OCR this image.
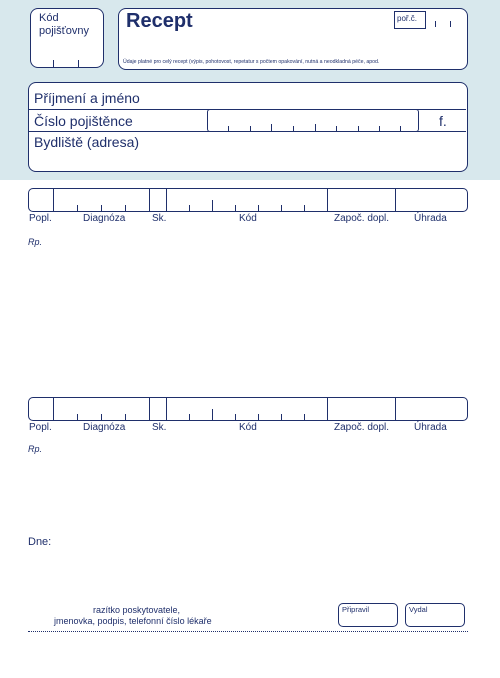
Kód
pojišťovny Recept	poř.č.
Údaje platné pro celý recept (výpis, pohotovost, repetatur s počtem opakování, nutná a neodkladná péče, apod.
Příjmení a jméno
Číslo pojištěnce	f.
Bydliště (adresa)
Popl.	Diagnóza	Sk.	Kód	Započ. dopl. Úhrada
Rp.
Popl.	Diagnóza	Sk.	Kód	Započ. dopl. Úhrada
Rp.
Dne:
razítko poskytovatele,
jmenovka, podpis, telefonní číslo lékaře
Připravil	Vydal
